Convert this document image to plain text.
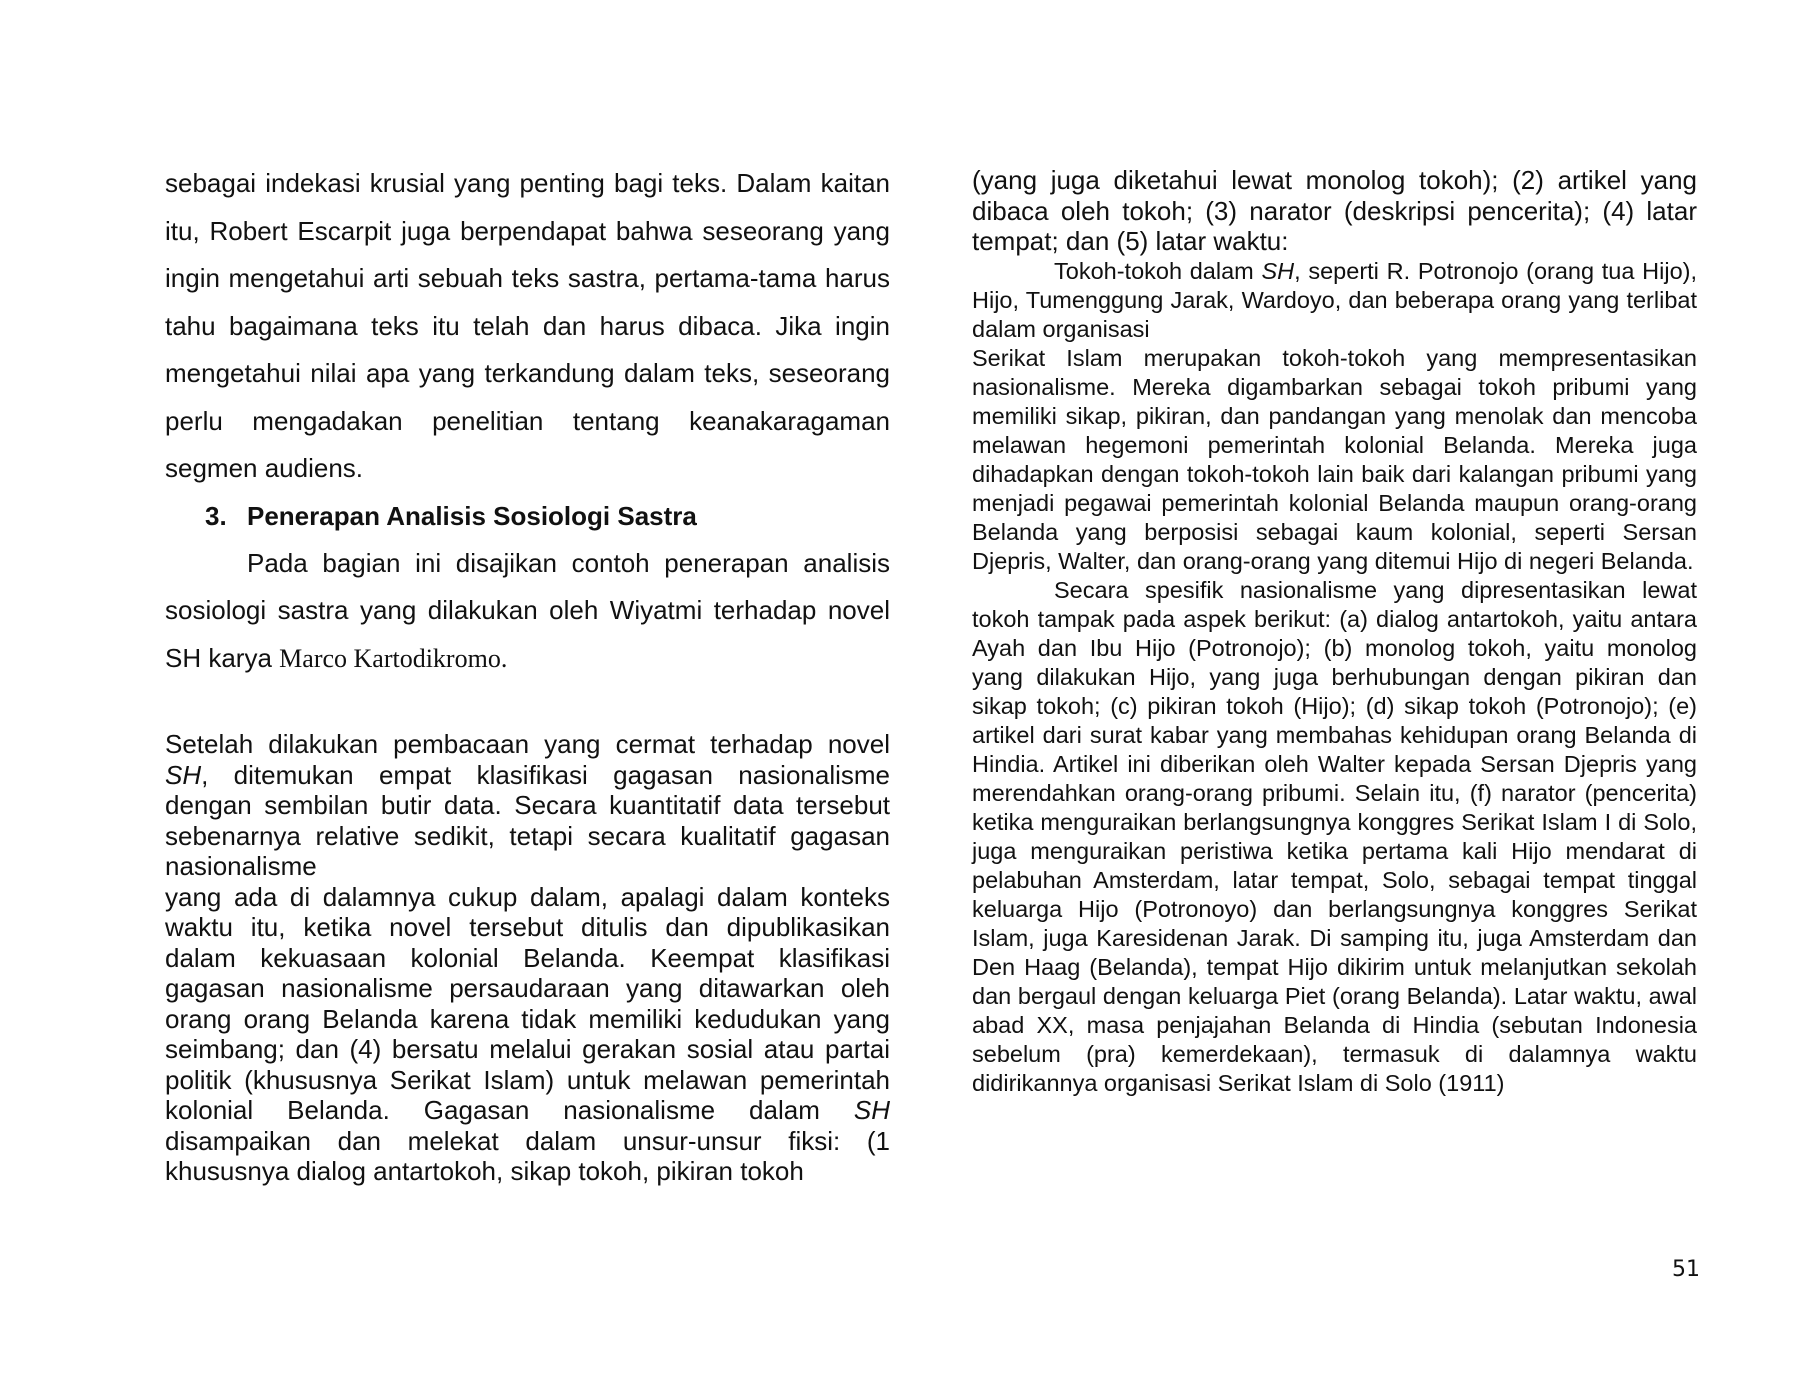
sebagai indekasi krusial yang penting bagi teks. Dalam kaitan itu, Robert Escarpit juga berpendapat bahwa seseorang yang ingin mengetahui arti sebuah teks sastra, pertama-tama harus tahu bagaimana teks itu telah dan harus dibaca. Jika ingin mengetahui nilai apa yang terkandung dalam teks, seseorang perlu mengadakan penelitian tentang keanakaragaman segmen audiens.

3. Penerapan Analisis Sosiologi Sastra

Pada bagian ini disajikan contoh penerapan analisis sosiologi sastra yang dilakukan oleh Wiyatmi terhadap novel SH karya Marco Kartodikromo.

Setelah dilakukan pembacaan yang cermat terhadap novel SH, ditemukan empat klasifikasi gagasan nasionalisme dengan sembilan butir data. Secara kuantitatif data tersebut sebenarnya relative sedikit, tetapi secara kualitatif gagasan nasionalisme

yang ada di dalamnya cukup dalam, apalagi dalam konteks waktu itu, ketika novel tersebut ditulis dan dipublikasikan dalam kekuasaan kolonial Belanda. Keempat klasifikasi gagasan nasionalisme persaudaraan yang ditawarkan oleh orang orang Belanda karena tidak memiliki kedudukan yang seimbang; dan (4) bersatu melalui gerakan sosial atau partai politik (khususnya Serikat Islam) untuk melawan pemerintah kolonial Belanda. Gagasan nasionalisme dalam SH disampaikan dan melekat dalam unsur-unsur fiksi: (1 khususnya dialog antartokoh, sikap tokoh, pikiran tokoh

(yang juga diketahui lewat monolog tokoh); (2) artikel yang dibaca oleh tokoh; (3) narator (deskripsi pencerita); (4) latar tempat; dan (5) latar waktu:

Tokoh-tokoh dalam SH, seperti R. Potronojo (orang tua Hijo), Hijo, Tumenggung Jarak, Wardoyo, dan beberapa orang yang terlibat dalam organisasi

Serikat Islam merupakan tokoh-tokoh yang mempresentasikan nasionalisme. Mereka digambarkan sebagai tokoh pribumi yang memiliki sikap, pikiran, dan pandangan yang menolak dan mencoba melawan hegemoni pemerintah kolonial Belanda. Mereka juga dihadapkan dengan tokoh-tokoh lain baik dari kalangan pribumi yang menjadi pegawai pemerintah kolonial Belanda maupun orang-orang Belanda yang berposisi sebagai kaum kolonial, seperti Sersan Djepris, Walter, dan orang-orang yang ditemui Hijo di negeri Belanda.

Secara spesifik nasionalisme yang dipresentasikan lewat tokoh tampak pada aspek berikut: (a) dialog antartokoh, yaitu antara Ayah dan Ibu Hijo (Potronojo); (b) monolog tokoh, yaitu monolog yang dilakukan Hijo, yang juga berhubungan dengan pikiran dan sikap tokoh; (c) pikiran tokoh (Hijo); (d) sikap tokoh (Potronojo); (e) artikel dari surat kabar yang membahas kehidupan orang Belanda di Hindia. Artikel ini diberikan oleh Walter kepada Sersan Djepris yang merendahkan orang-orang pribumi. Selain itu, (f) narator (pencerita) ketika menguraikan berlangsungnya konggres Serikat Islam I di Solo, juga menguraikan peristiwa ketika pertama kali Hijo mendarat di pelabuhan Amsterdam, latar tempat, Solo, sebagai tempat tinggal keluarga Hijo (Potronoyo) dan berlangsungnya konggres Serikat Islam, juga Karesidenan Jarak. Di samping itu, juga Amsterdam dan Den Haag (Belanda), tempat Hijo dikirim untuk melanjutkan sekolah dan bergaul dengan keluarga Piet (orang Belanda). Latar waktu, awal abad XX, masa penjajahan Belanda di Hindia (sebutan Indonesia sebelum (pra) kemerdekaan), termasuk di dalamnya waktu didirikannya organisasi Serikat Islam di Solo (1911)

51
